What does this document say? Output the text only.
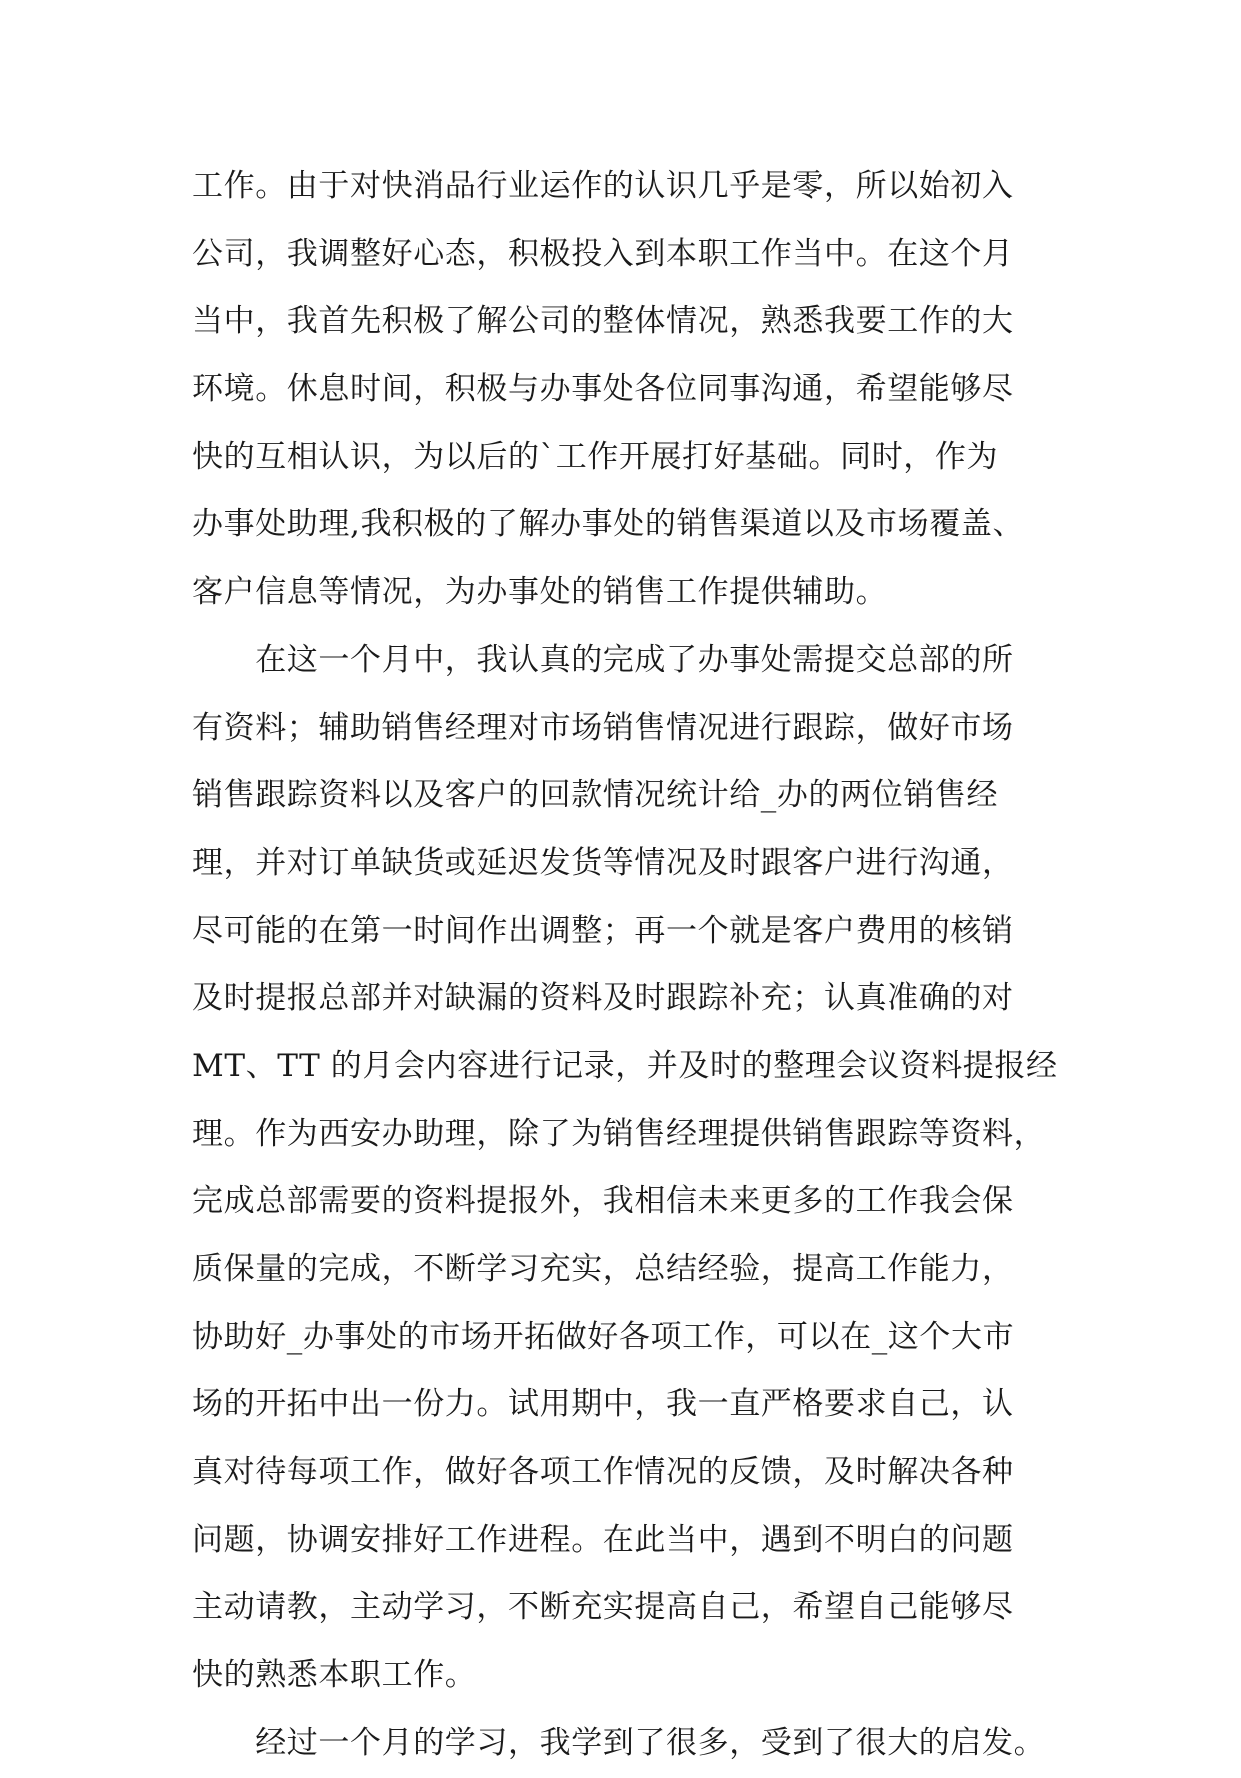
工作。由于对快消品行业运作的认识几乎是零，所以始初入
公司，我调整好心态，积极投入到本职工作当中。在这个月
当中，我首先积极了解公司的整体情况，熟悉我要工作的大
环境。休息时间，积极与办事处各位同事沟通，希望能够尽
快的互相认识，为以后的`工作开展打好基础。同时，作为
办事处助理,我积极的了解办事处的销售渠道以及市场覆盖、
客户信息等情况，为办事处的销售工作提供辅助。
　　在这一个月中，我认真的完成了办事处需提交总部的所
有资料；辅助销售经理对市场销售情况进行跟踪，做好市场
销售跟踪资料以及客户的回款情况统计给_办的两位销售经
理，并对订单缺货或延迟发货等情况及时跟客户进行沟通，
尽可能的在第一时间作出调整；再一个就是客户费用的核销
及时提报总部并对缺漏的资料及时跟踪补充；认真准确的对
MT、TT 的月会内容进行记录，并及时的整理会议资料提报经
理。作为西安办助理，除了为销售经理提供销售跟踪等资料，
完成总部需要的资料提报外，我相信未来更多的工作我会保
质保量的完成，不断学习充实，总结经验，提高工作能力，
协助好_办事处的市场开拓做好各项工作，可以在_这个大市
场的开拓中出一份力。试用期中，我一直严格要求自己，认
真对待每项工作，做好各项工作情况的反馈，及时解决各种
问题，协调安排好工作进程。在此当中，遇到不明白的问题
主动请教，主动学习，不断充实提高自己，希望自己能够尽
快的熟悉本职工作。
　　经过一个月的学习，我学到了很多，受到了很大的启发。
